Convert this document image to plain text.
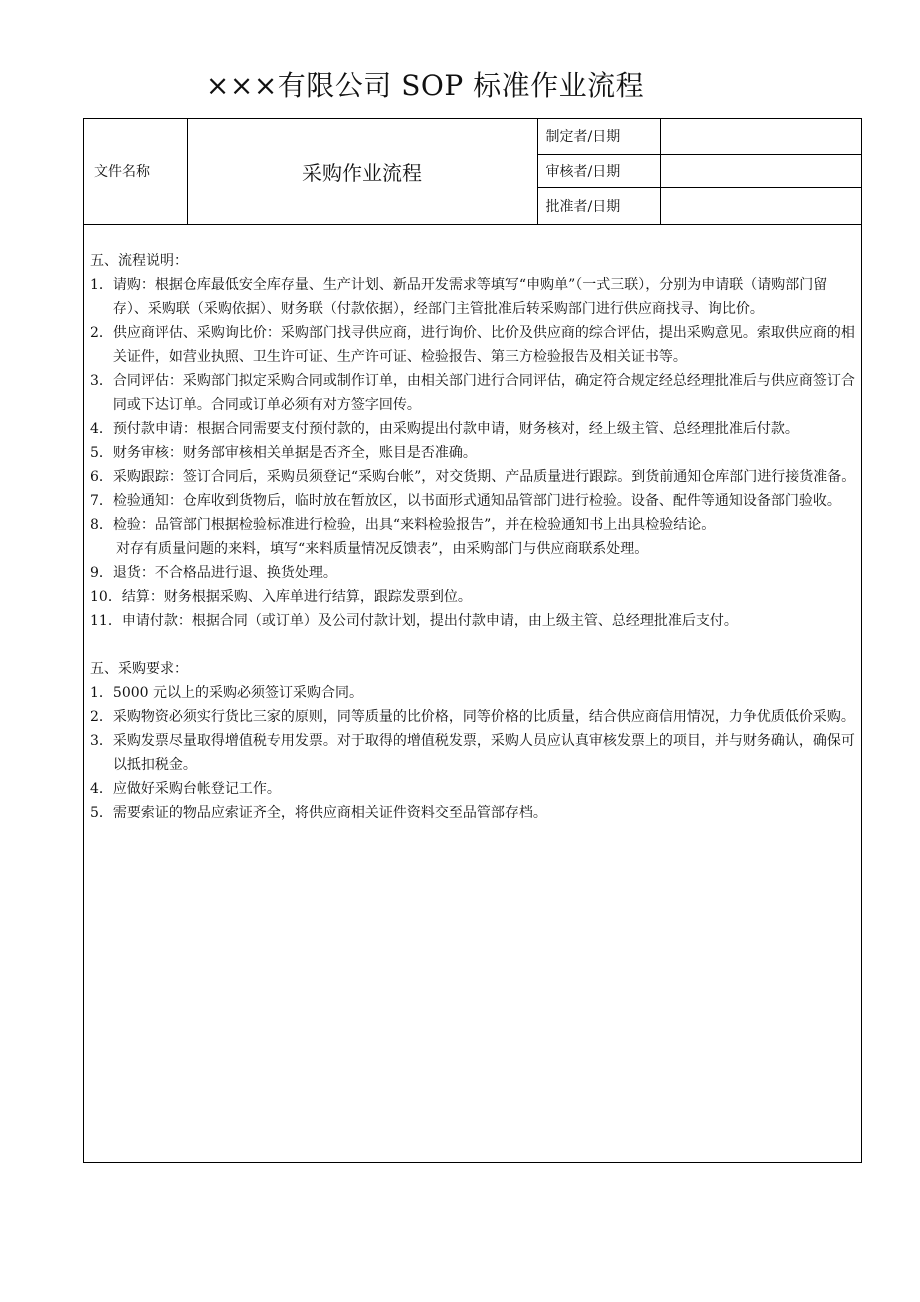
×××有限公司 SOP 标准作业流程
文件名称	采购作业流程	制定者/日期	
		审核者/日期	
		批准者/日期	

五、流程说明：

1． 请购：根据仓库最低安全库存量、生产计划、新品开发需求等填写“申购单”（一式三联），分别为申请联（请购部门留存）、采购联（采购依据）、财务联（付款依据），经部门主管批准后转采购部门进行供应商找寻、询比价。
2． 供应商评估、采购询比价：采购部门找寻供应商，进行询价、比价及供应商的综合评估，提出采购意见。索取供应商的相关证件，如营业执照、卫生许可证、生产许可证、检验报告、第三方检验报告及相关证书等。
3． 合同评估：采购部门拟定采购合同或制作订单，由相关部门进行合同评估，确定符合规定经总经理批准后与供应商签订合同或下达订单。合同或订单必须有对方签字回传。
4． 预付款申请：根据合同需要支付预付款的，由采购提出付款申请，财务核对，经上级主管、总经理批准后付款。
5． 财务审核：财务部审核相关单据是否齐全，账目是否准确。
6． 采购跟踪：签订合同后，采购员须登记“采购台帐”，对交货期、产品质量进行跟踪。到货前通知仓库部门进行接货准备。
7． 检验通知：仓库收到货物后，临时放在暂放区，以书面形式通知品管部门进行检验。设备、配件等通知设备部门验收。
8． 检验：品管部门根据检验标准进行检验，出具“来料检验报告”，并在检验通知书上出具检验结论。

对存有质量问题的来料，填写“来料质量情况反馈表”，由采购部门与供应商联系处理。

9． 退货：不合格品进行退、换货处理。
10． 结算：财务根据采购、入库单进行结算，跟踪发票到位。
11． 申请付款：根据合同（或订单）及公司付款计划，提出付款申请，由上级主管、总经理批准后支付。

五、采购要求：

1． 5000 元以上的采购必须签订采购合同。
2． 采购物资必须实行货比三家的原则，同等质量的比价格，同等价格的比质量，结合供应商信用情况，力争优质低价采购。
3． 采购发票尽量取得增值税专用发票。对于取得的增值税发票，采购人员应认真审核发票上的项目，并与财务确认，确保可以抵扣税金。
4． 应做好采购台帐登记工作。
5． 需要索证的物品应索证齐全，将供应商相关证件资料交至品管部存档。
